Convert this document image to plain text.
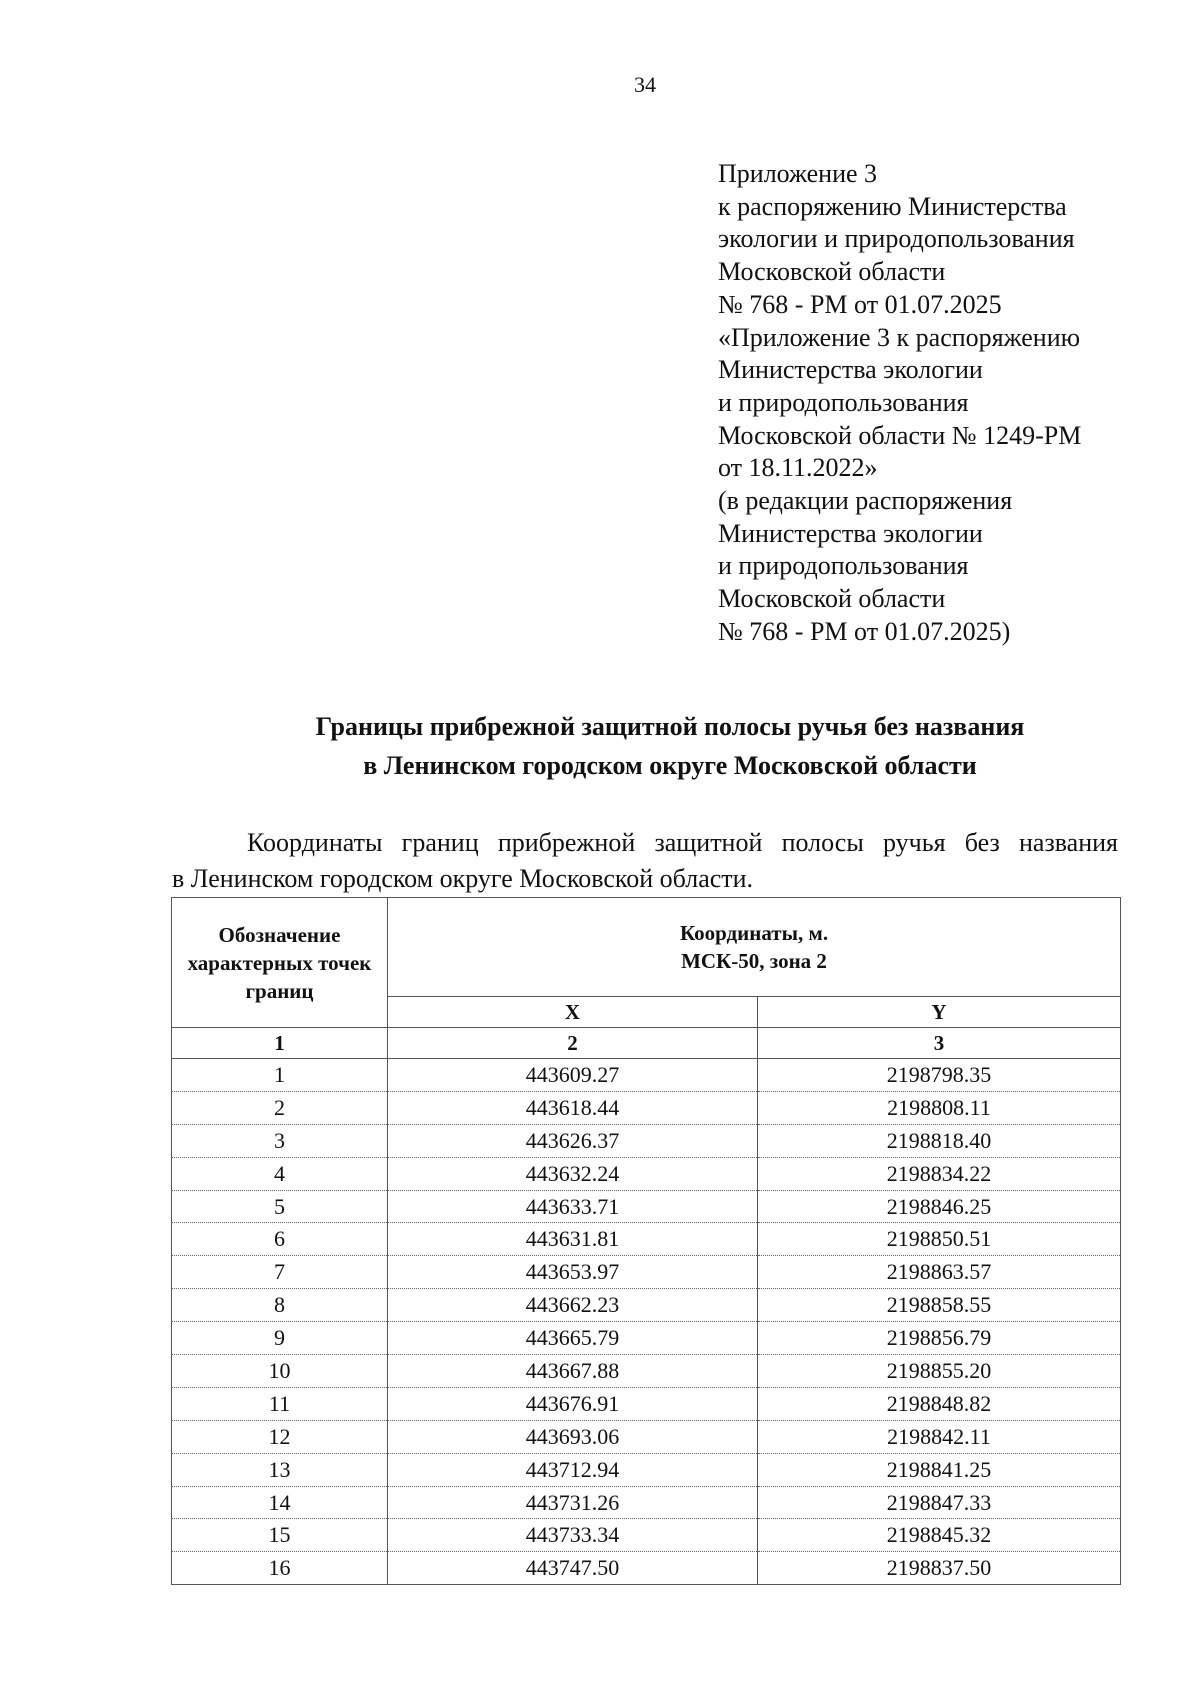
34
Приложение 3
к распоряжению Министерства
экологии и природопользования
Московской области
№ 768 - РМ от 01.07.2025
«Приложение 3 к распоряжению
Министерства экологии
и природопользования
Московской области № 1249-РМ
от 18.11.2022»
(в редакции распоряжения
Министерства экологии
и природопользования
Московской области
№ 768 - РМ от 01.07.2025)
Границы прибрежной защитной полосы ручья без названия
в Ленинском городском округе Московской области
Координаты границ прибрежной защитной полосы ручья без названия
в Ленинском городском округе Московской области.
Обозначение характерных точек границ	Координаты, м.
МСК-50, зона 2	
	X	Y
1	2	3
1	443609.27	2198798.35
2	443618.44	2198808.11
3	443626.37	2198818.40
4	443632.24	2198834.22
5	443633.71	2198846.25
6	443631.81	2198850.51
7	443653.97	2198863.57
8	443662.23	2198858.55
9	443665.79	2198856.79
10	443667.88	2198855.20
11	443676.91	2198848.82
12	443693.06	2198842.11
13	443712.94	2198841.25
14	443731.26	2198847.33
15	443733.34	2198845.32
16	443747.50	2198837.50
